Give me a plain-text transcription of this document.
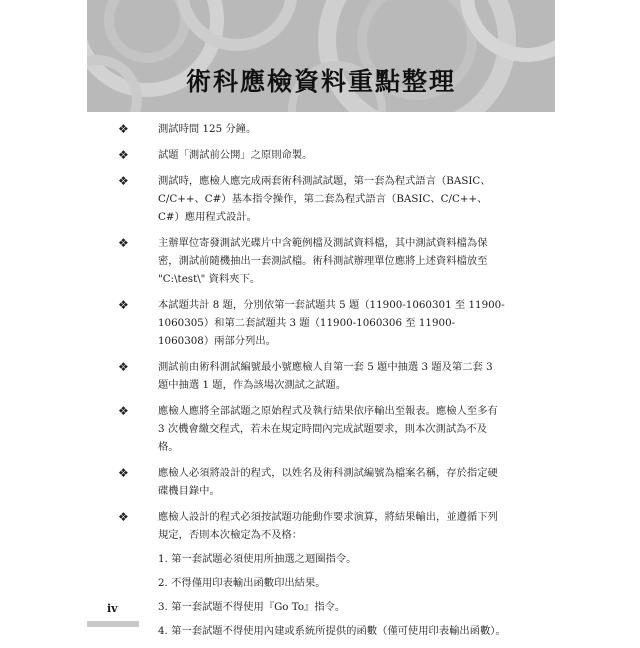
術科應檢資料重點整理
❖	測試時間 125 分鐘。
❖	試題「測試前公開」之原則命製。
❖	測試時，應檢人應完成兩套術科測試試題，第一套為程式語言（BASIC、C/C++、C#）基本指令操作，第二套為程式語言（BASIC、C/C++、C#）應用程式設計。
❖	主辦單位寄發測試光碟片中含範例檔及測試資料檔，其中測試資料檔為保密，測試前隨機抽出一套測試檔。術科測試辦理單位應將上述資料檔放至 "C:\test\" 資料夾下。
❖	本試題共計 8 題，分別依第一套試題共 5 題（11900-1060301 至 11900-1060305）和第二套試題共 3 題（11900-1060306 至 11900-1060308）兩部分列出。
❖	測試前由術科測試編號最小號應檢人自第一套 5 題中抽選 3 題及第二套 3 題中抽選 1 題，作為該場次測試之試題。
❖	應檢人應將全部試題之原始程式及執行結果依序輸出至報表。應檢人至多有 3 次機會繳交程式，若未在規定時間內完成試題要求，則本次測試為不及格。
❖	應檢人必須將設計的程式，以姓名及術科測試編號為檔案名稱，存於指定硬碟機目錄中。
❖	應檢人設計的程式必須按試題功能動作要求演算，將結果輸出，並遵循下列規定，否則本次檢定為不及格：
1. 第一套試題必須使用所抽選之迴圈指令。
2. 不得僅用印表輸出函數印出結果。
3. 第一套試題不得使用『Go To』指令。
4. 第一套試題不得使用內建或系統所提供的函數（僅可使用印表輸出函數）。
iv
